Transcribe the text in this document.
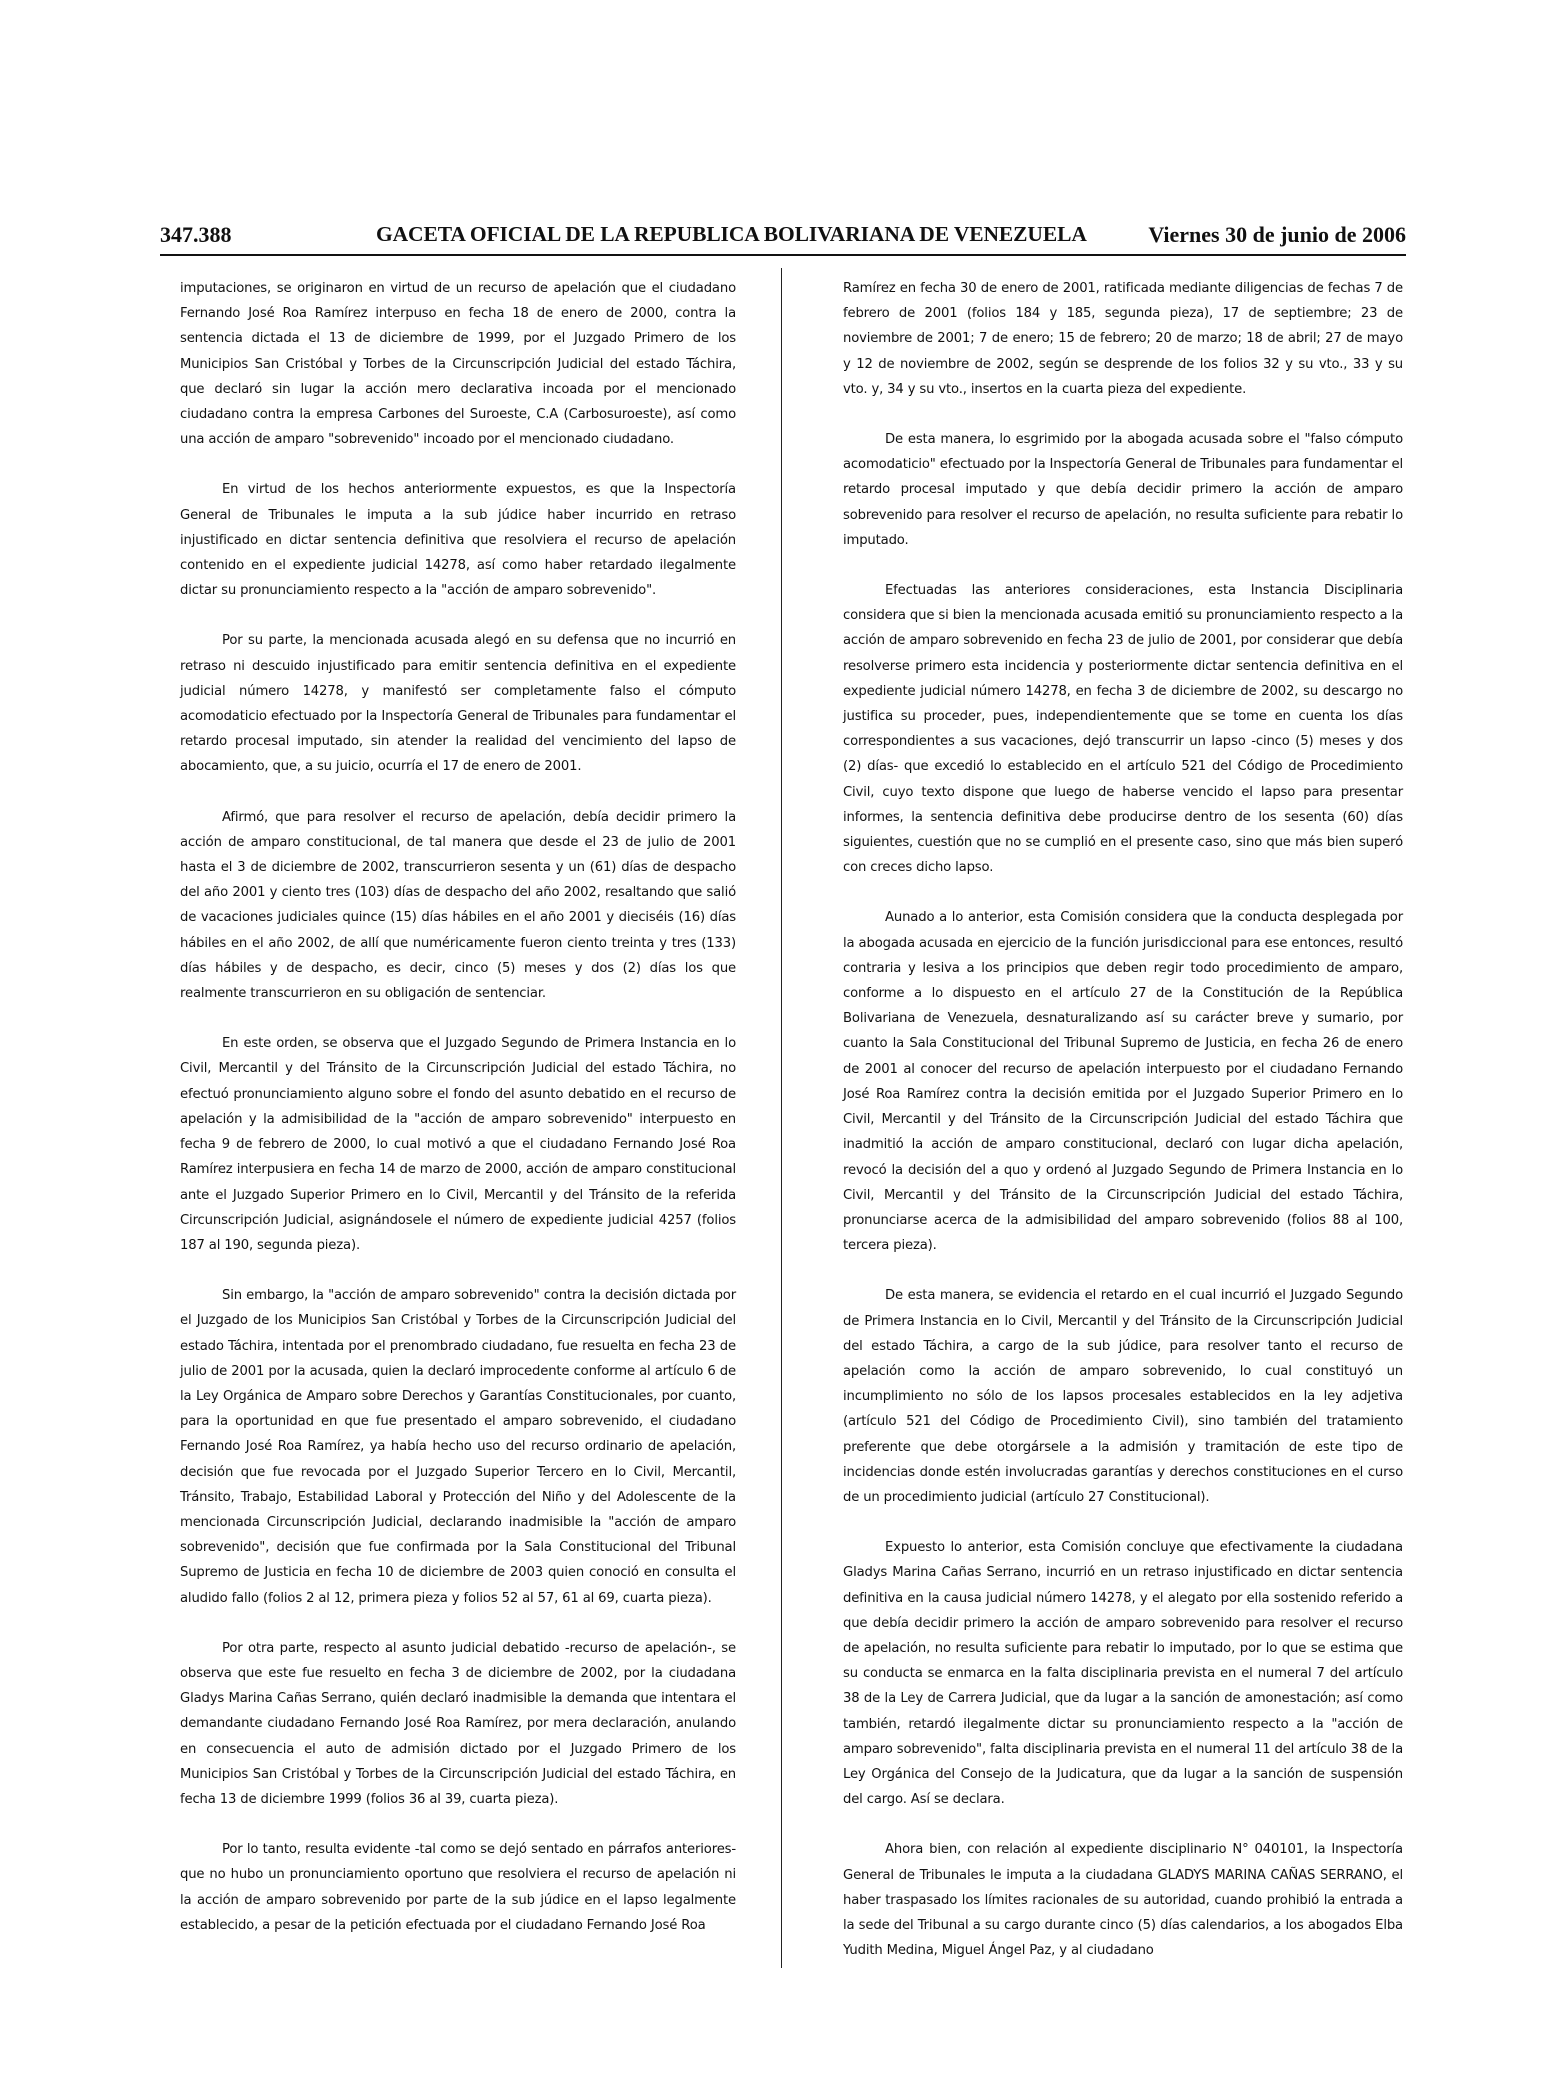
347.388	GACETA OFICIAL DE LA REPUBLICA BOLIVARIANA DE VENEZUELA	Viernes 30 de junio de 2006

imputaciones, se originaron en virtud de un recurso de apelación que el ciudadano Fernando José Roa Ramírez interpuso en fecha 18 de enero de 2000, contra la sentencia dictada el 13 de diciembre de 1999, por el Juzgado Primero de los Municipios San Cristóbal y Torbes de la Circunscripción Judicial del estado Táchira, que declaró sin lugar la acción mero declarativa incoada por el mencionado ciudadano contra la empresa Carbones del Suroeste, C.A (Carbosuroeste), así como una acción de amparo "sobrevenido" incoado por el mencionado ciudadano.

En virtud de los hechos anteriormente expuestos, es que la Inspectoría General de Tribunales le imputa a la sub júdice haber incurrido en retraso injustificado en dictar sentencia definitiva que resolviera el recurso de apelación contenido en el expediente judicial 14278, así como haber retardado ilegalmente dictar su pronunciamiento respecto a la "acción de amparo sobrevenido".

Por su parte, la mencionada acusada alegó en su defensa que no incurrió en retraso ni descuido injustificado para emitir sentencia definitiva en el expediente judicial número 14278, y manifestó ser completamente falso el cómputo acomodaticio efectuado por la Inspectoría General de Tribunales para fundamentar el retardo procesal imputado, sin atender la realidad del vencimiento del lapso de abocamiento, que, a su juicio, ocurría el 17 de enero de 2001.

Afirmó, que para resolver el recurso de apelación, debía decidir primero la acción de amparo constitucional, de tal manera que desde el 23 de julio de 2001 hasta el 3 de diciembre de 2002, transcurrieron sesenta y un (61) días de despacho del año 2001 y ciento tres (103) días de despacho del año 2002, resaltando que salió de vacaciones judiciales quince (15) días hábiles en el año 2001 y dieciséis (16) días hábiles en el año 2002, de allí que numéricamente fueron ciento treinta y tres (133) días hábiles y de despacho, es decir, cinco (5) meses y dos (2) días los que realmente transcurrieron en su obligación de sentenciar.

En este orden, se observa que el Juzgado Segundo de Primera Instancia en lo Civil, Mercantil y del Tránsito de la Circunscripción Judicial del estado Táchira, no efectuó pronunciamiento alguno sobre el fondo del asunto debatido en el recurso de apelación y la admisibilidad de la "acción de amparo sobrevenido" interpuesto en fecha 9 de febrero de 2000, lo cual motivó a que el ciudadano Fernando José Roa Ramírez interpusiera en fecha 14 de marzo de 2000, acción de amparo constitucional ante el Juzgado Superior Primero en lo Civil, Mercantil y del Tránsito de la referida Circunscripción Judicial, asignándosele el número de expediente judicial 4257 (folios 187 al 190, segunda pieza).

Sin embargo, la "acción de amparo sobrevenido" contra la decisión dictada por el Juzgado de los Municipios San Cristóbal y Torbes de la Circunscripción Judicial del estado Táchira, intentada por el prenombrado ciudadano, fue resuelta en fecha 23 de julio de 2001 por la acusada, quien la declaró improcedente conforme al artículo 6 de la Ley Orgánica de Amparo sobre Derechos y Garantías Constitucionales, por cuanto, para la oportunidad en que fue presentado el amparo sobrevenido, el ciudadano Fernando José Roa Ramírez, ya había hecho uso del recurso ordinario de apelación, decisión que fue revocada por el Juzgado Superior Tercero en lo Civil, Mercantil, Tránsito, Trabajo, Estabilidad Laboral y Protección del Niño y del Adolescente de la mencionada Circunscripción Judicial, declarando inadmisible la "acción de amparo sobrevenido", decisión que fue confirmada por la Sala Constitucional del Tribunal Supremo de Justicia en fecha 10 de diciembre de 2003 quien conoció en consulta el aludido fallo (folios 2 al 12, primera pieza y folios 52 al 57, 61 al 69, cuarta pieza).

Por otra parte, respecto al asunto judicial debatido -recurso de apelación-, se observa que este fue resuelto en fecha 3 de diciembre de 2002, por la ciudadana Gladys Marina Cañas Serrano, quién declaró inadmisible la demanda que intentara el demandante ciudadano Fernando José Roa Ramírez, por mera declaración, anulando en consecuencia el auto de admisión dictado por el Juzgado Primero de los Municipios San Cristóbal y Torbes de la Circunscripción Judicial del estado Táchira, en fecha 13 de diciembre 1999 (folios 36 al 39, cuarta pieza).

Por lo tanto, resulta evidente -tal como se dejó sentado en párrafos anteriores- que no hubo un pronunciamiento oportuno que resolviera el recurso de apelación ni la acción de amparo sobrevenido por parte de la sub júdice en el lapso legalmente establecido, a pesar de la petición efectuada por el ciudadano Fernando José Roa

Ramírez en fecha 30 de enero de 2001, ratificada mediante diligencias de fechas 7 de febrero de 2001 (folios 184 y 185, segunda pieza), 17 de septiembre; 23 de noviembre de 2001; 7 de enero; 15 de febrero; 20 de marzo; 18 de abril; 27 de mayo y 12 de noviembre de 2002, según se desprende de los folios 32 y su vto., 33 y su vto. y, 34 y su vto., insertos en la cuarta pieza del expediente.

De esta manera, lo esgrimido por la abogada acusada sobre el "falso cómputo acomodaticio" efectuado por la Inspectoría General de Tribunales para fundamentar el retardo procesal imputado y que debía decidir primero la acción de amparo sobrevenido para resolver el recurso de apelación, no resulta suficiente para rebatir lo imputado.

Efectuadas las anteriores consideraciones, esta Instancia Disciplinaria considera que si bien la mencionada acusada emitió su pronunciamiento respecto a la acción de amparo sobrevenido en fecha 23 de julio de 2001, por considerar que debía resolverse primero esta incidencia y posteriormente dictar sentencia definitiva en el expediente judicial número 14278, en fecha 3 de diciembre de 2002, su descargo no justifica su proceder, pues, independientemente que se tome en cuenta los días correspondientes a sus vacaciones, dejó transcurrir un lapso -cinco (5) meses y dos (2) días- que excedió lo establecido en el artículo 521 del Código de Procedimiento Civil, cuyo texto dispone que luego de haberse vencido el lapso para presentar informes, la sentencia definitiva debe producirse dentro de los sesenta (60) días siguientes, cuestión que no se cumplió en el presente caso, sino que más bien superó con creces dicho lapso.

Aunado a lo anterior, esta Comisión considera que la conducta desplegada por la abogada acusada en ejercicio de la función jurisdiccional para ese entonces, resultó contraria y lesiva a los principios que deben regir todo procedimiento de amparo, conforme a lo dispuesto en el artículo 27 de la Constitución de la República Bolivariana de Venezuela, desnaturalizando así su carácter breve y sumario, por cuanto la Sala Constitucional del Tribunal Supremo de Justicia, en fecha 26 de enero de 2001 al conocer del recurso de apelación interpuesto por el ciudadano Fernando José Roa Ramírez contra la decisión emitida por el Juzgado Superior Primero en lo Civil, Mercantil y del Tránsito de la Circunscripción Judicial del estado Táchira que inadmitió la acción de amparo constitucional, declaró con lugar dicha apelación, revocó la decisión del a quo y ordenó al Juzgado Segundo de Primera Instancia en lo Civil, Mercantil y del Tránsito de la Circunscripción Judicial del estado Táchira, pronunciarse acerca de la admisibilidad del amparo sobrevenido (folios 88 al 100, tercera pieza).

De esta manera, se evidencia el retardo en el cual incurrió el Juzgado Segundo de Primera Instancia en lo Civil, Mercantil y del Tránsito de la Circunscripción Judicial del estado Táchira, a cargo de la sub júdice, para resolver tanto el recurso de apelación como la acción de amparo sobrevenido, lo cual constituyó un incumplimiento no sólo de los lapsos procesales establecidos en la ley adjetiva (artículo 521 del Código de Procedimiento Civil), sino también del tratamiento preferente que debe otorgársele a la admisión y tramitación de este tipo de incidencias donde estén involucradas garantías y derechos constituciones en el curso de un procedimiento judicial (artículo 27 Constitucional).

Expuesto lo anterior, esta Comisión concluye que efectivamente la ciudadana Gladys Marina Cañas Serrano, incurrió en un retraso injustificado en dictar sentencia definitiva en la causa judicial número 14278, y el alegato por ella sostenido referido a que debía decidir primero la acción de amparo sobrevenido para resolver el recurso de apelación, no resulta suficiente para rebatir lo imputado, por lo que se estima que su conducta se enmarca en la falta disciplinaria prevista en el numeral 7 del artículo 38 de la Ley de Carrera Judicial, que da lugar a la sanción de amonestación; así como también, retardó ilegalmente dictar su pronunciamiento respecto a la "acción de amparo sobrevenido", falta disciplinaria prevista en el numeral 11 del artículo 38 de la Ley Orgánica del Consejo de la Judicatura, que da lugar a la sanción de suspensión del cargo. Así se declara.

Ahora bien, con relación al expediente disciplinario N° 040101, la Inspectoría General de Tribunales le imputa a la ciudadana GLADYS MARINA CAÑAS SERRANO, el haber traspasado los límites racionales de su autoridad, cuando prohibió la entrada a la sede del Tribunal a su cargo durante cinco (5) días calendarios, a los abogados Elba Yudith Medina, Miguel Ángel Paz, y al ciudadano
